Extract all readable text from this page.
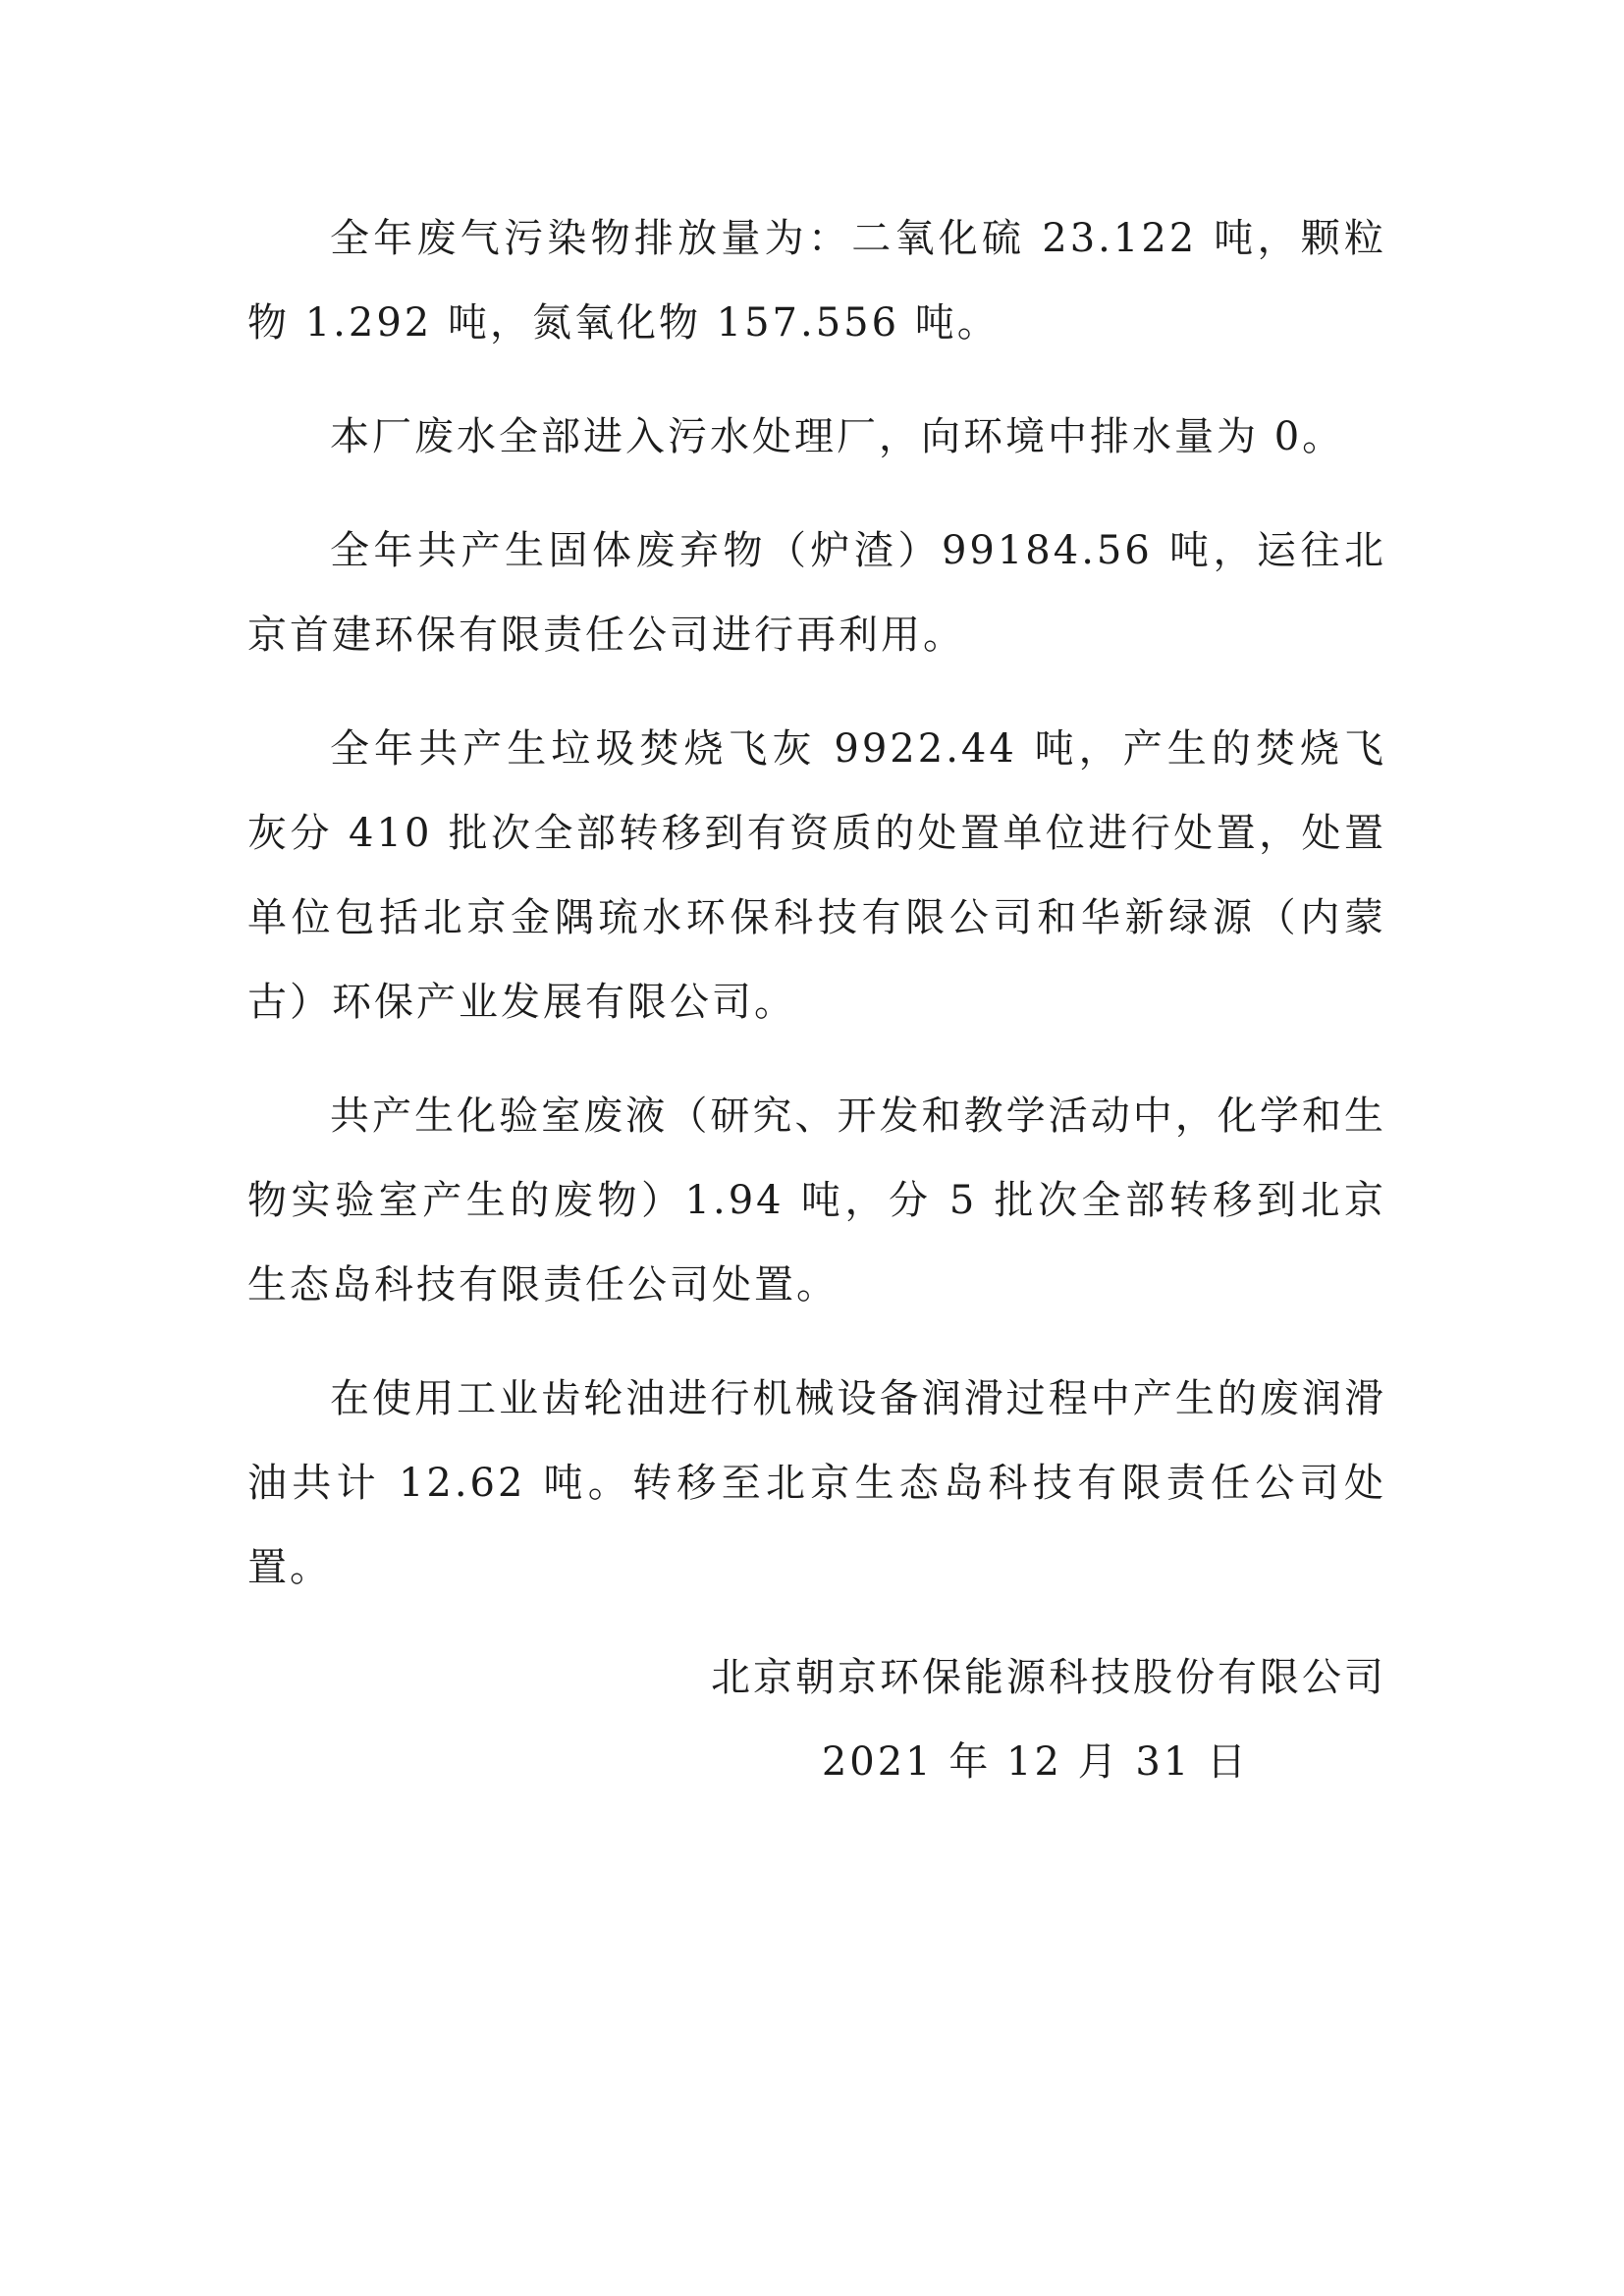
全年废气污染物排放量为：二氧化硫 23.122 吨，颗粒物 1.292 吨，氮氧化物 157.556 吨。

本厂废水全部进入污水处理厂，向环境中排水量为 0。

全年共产生固体废弃物（炉渣）99184.56 吨，运往北京首建环保有限责任公司进行再利用。

全年共产生垃圾焚烧飞灰 9922.44 吨，产生的焚烧飞灰分 410 批次全部转移到有资质的处置单位进行处置，处置单位包括北京金隅琉水环保科技有限公司和华新绿源（内蒙古）环保产业发展有限公司。

共产生化验室废液（研究、开发和教学活动中，化学和生物实验室产生的废物）1.94 吨，分 5 批次全部转移到北京生态岛科技有限责任公司处置。

在使用工业齿轮油进行机械设备润滑过程中产生的废润滑油共计 12.62 吨。转移至北京生态岛科技有限责任公司处置。

北京朝京环保能源科技股份有限公司
2021 年 12 月 31 日
